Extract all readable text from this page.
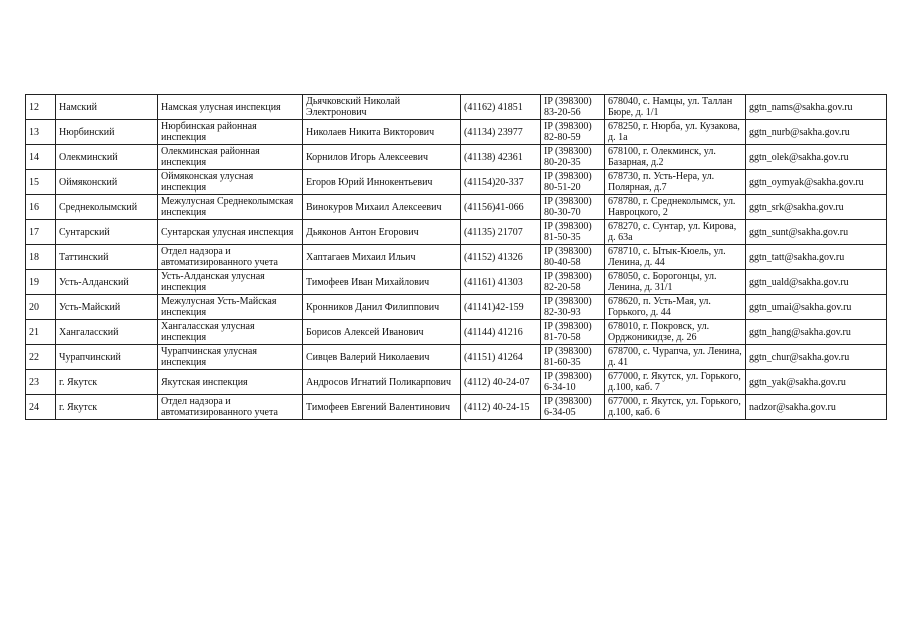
12	Намский	Намская улусная инспекция	Дьячковский Николай Электронович	(41162) 41851	IP (398300) 83-20-56	678040, с. Намцы, ул. Таллан Бюре, д. 1/1	ggtn_nams@sakha.gov.ru
13	Нюрбинский	Нюрбинская районная инспекция	Николаев Никита Викторович	(41134) 23977	IP (398300) 82-80-59	678250, г. Нюрба, ул. Кузакова, д. 1а	ggtn_nurb@sakha.gov.ru
14	Олекминский	Олекминская районная инспекция	Корнилов Игорь Алексеевич	(41138) 42361	IP (398300) 80-20-35	678100, г. Олекминск, ул. Базарная, д.2	ggtn_olek@sakha.gov.ru
15	Оймяконский	Оймяконская улусная инспекция	Егоров Юрий Иннокентьевич	(41154)20-337	IP (398300) 80-51-20	678730, п. Усть-Нера, ул. Полярная, д.7	ggtn_oymyak@sakha.gov.ru
16	Среднеколымский	Межулусная Среднеколымская инспекция	Винокуров Михаил Алексеевич	(41156)41-066	IP (398300) 80-30-70	678780, г. Среднеколымск, ул. Навроцкого, 2	ggtn_srk@sakha.gov.ru
17	Сунтарский	Сунтарская улусная инспекция	Дьяконов Антон Егорович	(41135) 21707	IP (398300) 81-50-35	678270, с. Сунтар, ул. Кирова, д. 63а	ggtn_sunt@sakha.gov.ru
18	Таттинский	Отдел надзора и автоматизированного учета	Хаптагаев Михаил Ильич	(41152) 41326	IP (398300) 80-40-58	678710, с. Ытык-Кюель, ул. Ленина, д. 44	ggtn_tatt@sakha.gov.ru
19	Усть-Алданский	Усть-Алданская улусная инспекция	Тимофеев Иван Михайлович	(41161) 41303	IP (398300) 82-20-58	678050, с. Борогонцы, ул. Ленина, д. 31/1	ggtn_uald@sakha.gov.ru
20	Усть-Майский	Межулусная Усть-Майская инспекция	Кронников Данил Филиппович	(41141)42-159	IP (398300) 82-30-93	678620, п. Усть-Мая, ул. Горького, д. 44	ggtn_umai@sakha.gov.ru
21	Хангаласский	Хангаласская улусная инспекция	Борисов Алексей Иванович	(41144) 41216	IP (398300) 81-70-58	678010, г. Покровск, ул. Орджоникидзе, д. 26	ggtn_hang@sakha.gov.ru
22	Чурапчинский	Чурапчинская улусная инспекция	Сивцев Валерий Николаевич	(41151) 41264	IP (398300) 81-60-35	678700, с. Чурапча, ул. Ленина, д. 41	ggtn_chur@sakha.gov.ru
23	г. Якутск	Якутская инспекция	Андросов Игнатий Поликарпович	(4112) 40-24-07	IP (398300) 6-34-10	677000, г. Якутск, ул. Горького, д.100, каб. 7	ggtn_yak@sakha.gov.ru
24	г. Якутск	Отдел надзора и автоматизированного учета	Тимофеев Евгений Валентинович	(4112) 40-24-15	IP (398300) 6-34-05	677000, г. Якутск, ул. Горького, д.100, каб. 6	nadzor@sakha.gov.ru
